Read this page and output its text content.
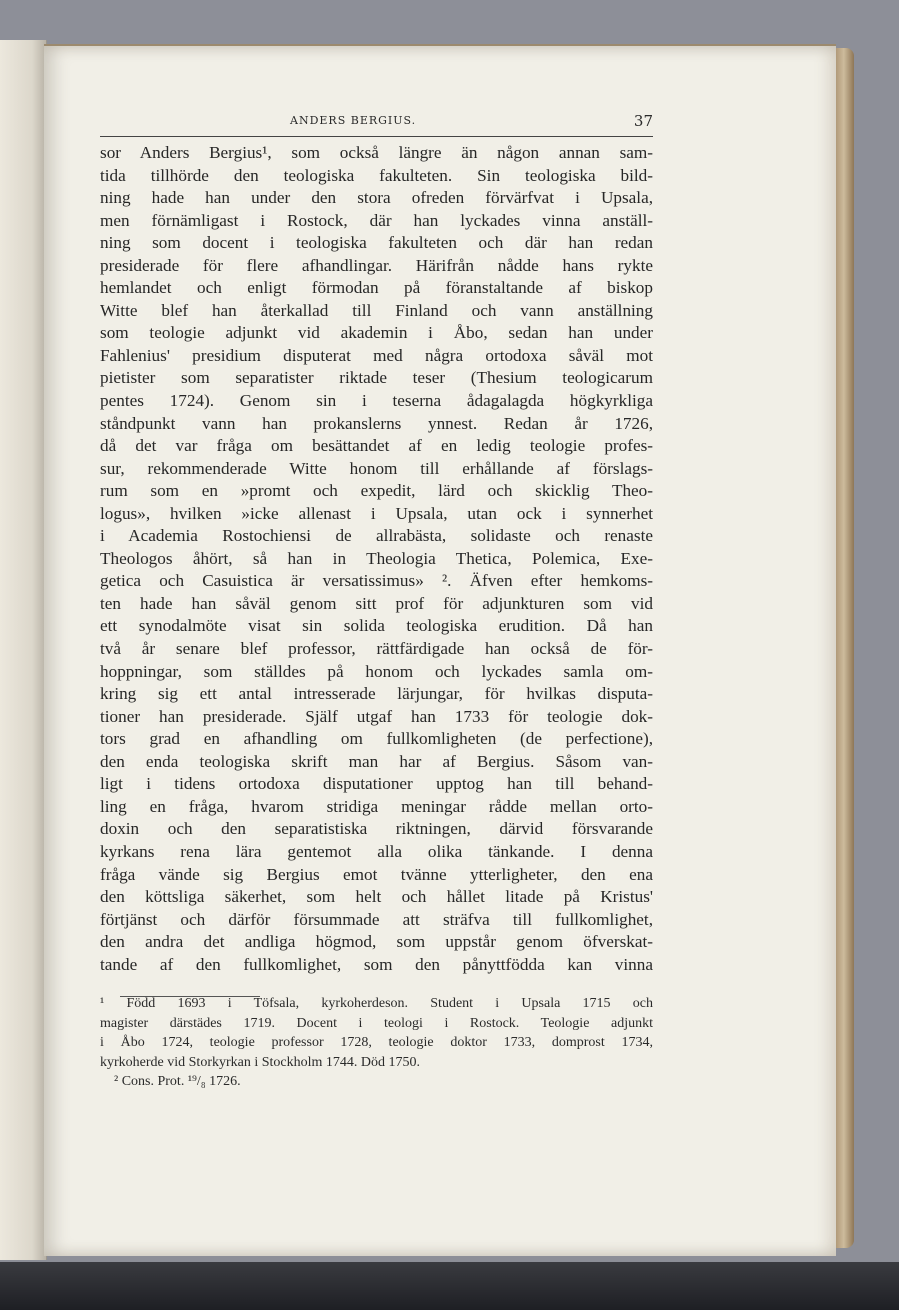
ANDERS BERGIUS.	37
sor Anders Bergius¹, som också längre än någon annan sam-
tida tillhörde den teologiska fakulteten. Sin teologiska bild-
ning hade han under den stora ofreden förvärfvat i Upsala,
men förnämligast i Rostock, där han lyckades vinna anställ-
ning som docent i teologiska fakulteten och där han redan
presiderade för flere afhandlingar. Härifrån nådde hans rykte
hemlandet och enligt förmodan på föranstaltande af biskop
Witte blef han återkallad till Finland och vann anställning
som teologie adjunkt vid akademin i Åbo, sedan han under
Fahlenius' presidium disputerat med några ortodoxa såväl mot
pietister som separatister riktade teser (Thesium teologicarum
pentes 1724). Genom sin i teserna ådagalagda högkyrkliga
ståndpunkt vann han prokanslerns ynnest. Redan år 1726,
då det var fråga om besättandet af en ledig teologie profes-
sur, rekommenderade Witte honom till erhållande af förslags-
rum som en »promt och expedit, lärd och skicklig Theo-
logus», hvilken »icke allenast i Upsala, utan ock i synnerhet
i Academia Rostochiensi de allrabästa, solidaste och renaste
Theologos åhört, så han in Theologia Thetica, Polemica, Exe-
getica och Casuistica är versatissimus» ². Äfven efter hemkoms-
ten hade han såväl genom sitt prof för adjunkturen som vid
ett synodalmöte visat sin solida teologiska erudition. Då han
två år senare blef professor, rättfärdigade han också de för-
hoppningar, som ställdes på honom och lyckades samla om-
kring sig ett antal intresserade lärjungar, för hvilkas disputa-
tioner han presiderade. Själf utgaf han 1733 för teologie dok-
tors grad en afhandling om fullkomligheten (de perfectione),
den enda teologiska skrift man har af Bergius. Såsom van-
ligt i tidens ortodoxa disputationer upptog han till behand-
ling en fråga, hvarom stridiga meningar rådde mellan orto-
doxin och den separatistiska riktningen, därvid försvarande
kyrkans rena lära gentemot alla olika tänkande. I denna
fråga vände sig Bergius emot tvänne ytterligheter, den ena
den köttsliga säkerhet, som helt och hållet litade på Kristus'
förtjänst och därför försummade att sträfva till fullkomlighet,
den andra det andliga högmod, som uppstår genom öfverskat-
tande af den fullkomlighet, som den pånyttfödda kan vinna
¹ Född 1693 i Töfsala, kyrkoherdeson. Student i Upsala 1715 och
magister därstädes 1719. Docent i teologi i Rostock. Teologie adjunkt
i Åbo 1724, teologie professor 1728, teologie doktor 1733, domprost 1734,
kyrkoherde vid Storkyrkan i Stockholm 1744. Död 1750.
² Cons. Prot. ¹⁹/₈ 1726.
